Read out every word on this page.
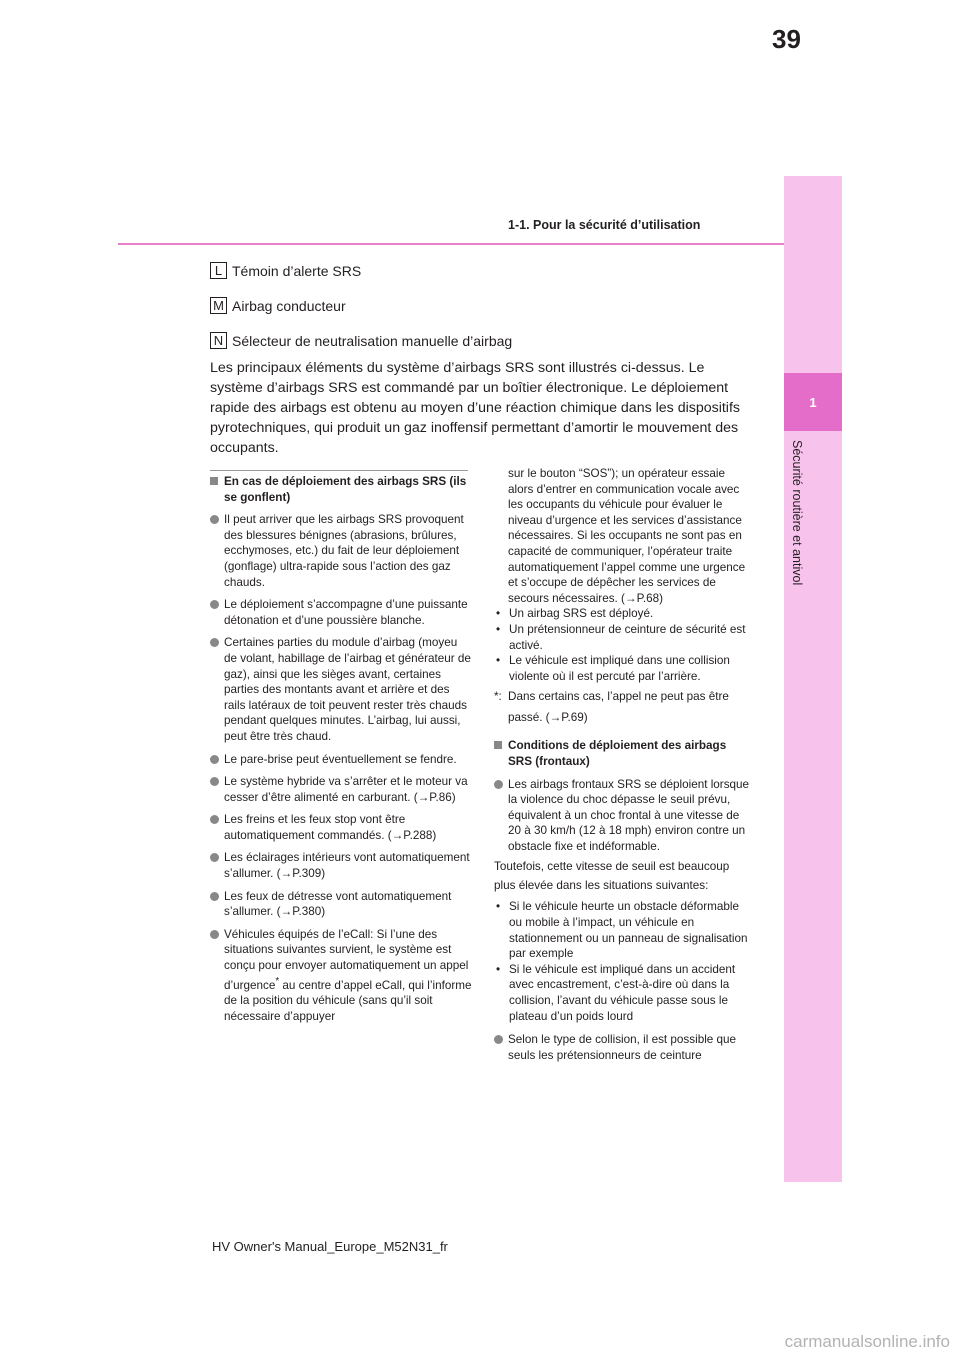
39
1-1. Pour la sécurité d’utilisation
1
Sécurité routière et antivol
L Témoin d’alerte SRS
M Airbag conducteur
N Sélecteur de neutralisation manuelle d’airbag
Les principaux éléments du système d’airbags SRS sont illustrés ci-dessus. Le système d’airbags SRS est commandé par un boîtier électronique. Le déploiement rapide des airbags est obtenu au moyen d’une réaction chimique dans les dispositifs pyrotechniques, qui produit un gaz inoffensif permettant d’amortir le mouvement des occupants.
En cas de déploiement des airbags SRS (ils se gonflent)
Il peut arriver que les airbags SRS provoquent des blessures bénignes (abrasions, brûlures, ecchymoses, etc.) du fait de leur déploiement (gonflage) ultra-rapide sous l’action des gaz chauds.
Le déploiement s’accompagne d’une puissante détonation et d’une poussière blanche.
Certaines parties du module d’airbag (moyeu de volant, habillage de l’airbag et générateur de gaz), ainsi que les sièges avant, certaines parties des montants avant et arrière et des rails latéraux de toit peuvent rester très chauds pendant quelques minutes. L’airbag, lui aussi, peut être très chaud.
Le pare-brise peut éventuellement se fendre.
Le système hybride va s’arrêter et le moteur va cesser d’être alimenté en carburant. (→P.86)
Les freins et les feux stop vont être automatiquement commandés. (→P.288)
Les éclairages intérieurs vont automatiquement s’allumer. (→P.309)
Les feux de détresse vont automatiquement s’allumer. (→P.380)
Véhicules équipés de l’eCall: Si l’une des situations suivantes survient, le système est conçu pour envoyer automatiquement un appel d’urgence* au centre d’appel eCall, qui l’informe de la position du véhicule (sans qu’il soit nécessaire d’appuyer
sur le bouton “SOS”); un opérateur essaie alors d’entrer en communication vocale avec les occupants du véhicule pour évaluer le niveau d’urgence et les services d’assistance nécessaires. Si les occupants ne sont pas en capacité de communiquer, l’opérateur traite automatiquement l’appel comme une urgence et s’occupe de dépêcher les services de secours nécessaires. (→P.68)
• Un airbag SRS est déployé.
• Un prétensionneur de ceinture de sécurité est activé.
• Le véhicule est impliqué dans une collision violente où il est percuté par l’arrière.
*: Dans certains cas, l’appel ne peut pas être passé. (→P.69)
Conditions de déploiement des airbags SRS (frontaux)
Les airbags frontaux SRS se déploient lorsque la violence du choc dépasse le seuil prévu, équivalent à un choc frontal à une vitesse de 20 à 30 km/h (12 à 18 mph) environ contre un obstacle fixe et indéformable.
Toutefois, cette vitesse de seuil est beaucoup plus élevée dans les situations suivantes:
• Si le véhicule heurte un obstacle déformable ou mobile à l’impact, un véhicule en stationnement ou un panneau de signalisation par exemple
• Si le véhicule est impliqué dans un accident avec encastrement, c’est-à-dire où dans la collision, l’avant du véhicule passe sous le plateau d’un poids lourd
Selon le type de collision, il est possible que seuls les prétensionneurs de ceinture
HV Owner's Manual_Europe_M52N31_fr
carmanualsonline.info
